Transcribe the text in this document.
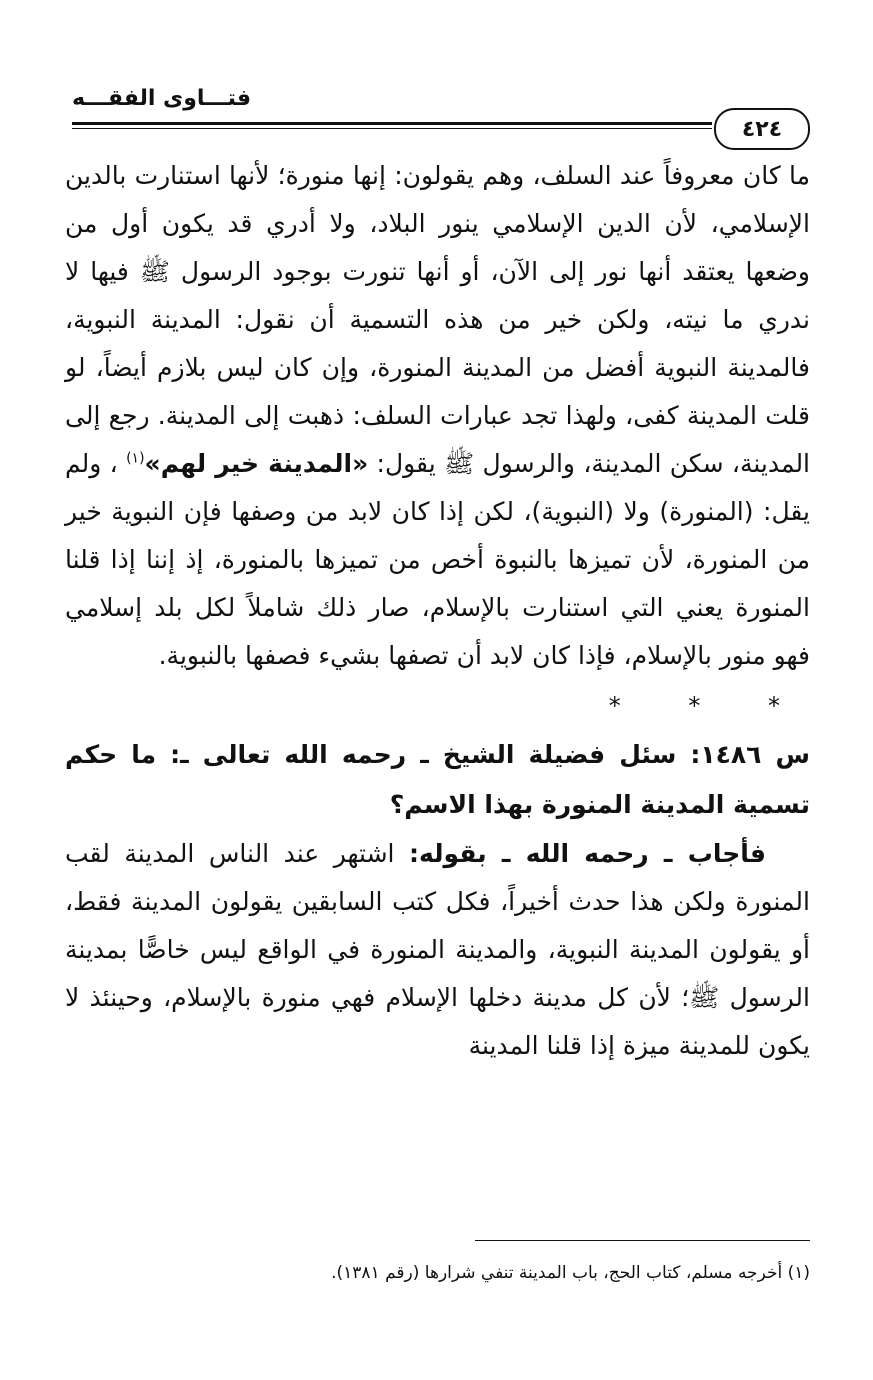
فتـــاوى الفقـــه
٤٢٤

ما كان معروفاً عند السلف، وهم يقولون: إنها منورة؛ لأنها استنارت بالدين الإسلامي، لأن الدين الإسلامي ينور البلاد، ولا أدري قد يكون أول من وضعها يعتقد أنها نور إلى الآن، أو أنها تنورت بوجود الرسول ﷺ فيها لا ندري ما نيته، ولكن خير من هذه التسمية أن نقول: المدينة النبوية، فالمدينة النبوية أفضل من المدينة المنورة، وإن كان ليس بلازم أيضاً، لو قلت المدينة كفى، ولهذا تجد عبارات السلف: ذهبت إلى المدينة. رجع إلى المدينة، سكن المدينة، والرسول ﷺ يقول: «المدينة خير لهم»$^{(١)}$ ، ولم يقل: (المنورة) ولا (النبوية)، لكن إذا كان لابد من وصفها فإن النبوية خير من المنورة، لأن تميزها بالنبوة أخص من تميزها بالمنورة، إذ إننا إذا قلنا المنورة يعني التي استنارت بالإسلام، صار ذلك شاملاً لكل بلد إسلامي فهو منور بالإسلام، فإذا كان لابد أن تصفها بشيء فصفها بالنبوية.

* * *

س ١٤٨٦: سئل فضيلة الشيخ ـ رحمه الله تعالى ـ: ما حكم تسمية المدينة المنورة بهذا الاسم؟

فأجاب ـ رحمه الله ـ بقوله: اشتهر عند الناس المدينة لقب المنورة ولكن هذا حدث أخيراً، فكل كتب السابقين يقولون المدينة فقط، أو يقولون المدينة النبوية، والمدينة المنورة في الواقع ليس خاصًّا بمدينة الرسول ﷺ؛ لأن كل مدينة دخلها الإسلام فهي منورة بالإسلام، وحينئذ لا يكون للمدينة ميزة إذا قلنا المدينة

(١) أخرجه مسلم، كتاب الحج، باب المدينة تنفي شرارها (رقم ١٣٨١).
